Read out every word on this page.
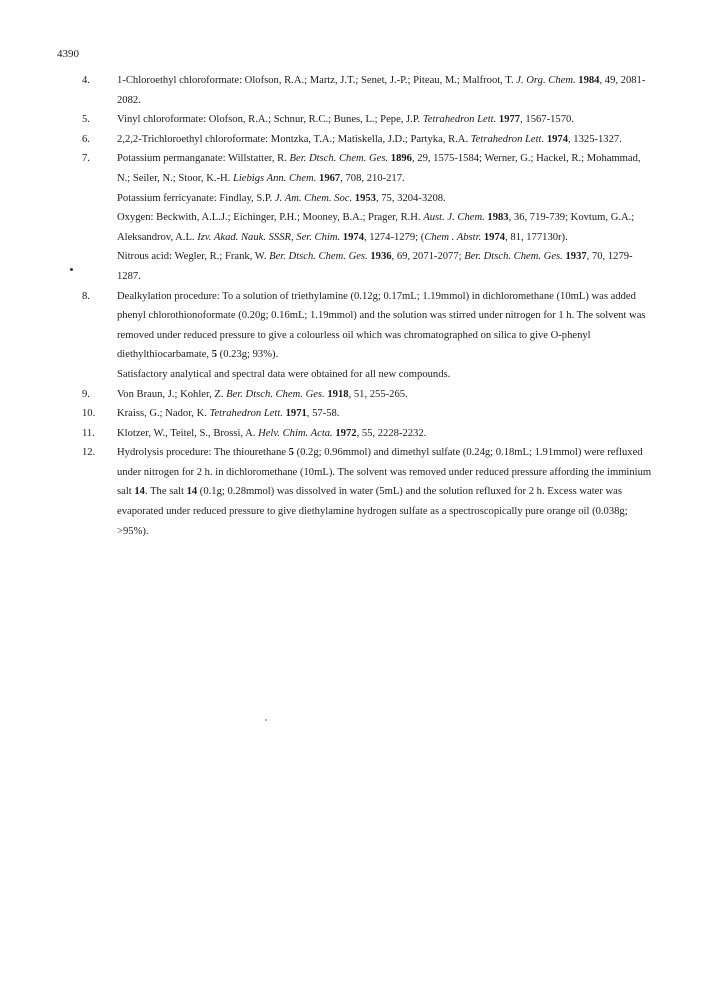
4390
4.	1-Chloroethyl chloroformate: Olofson, R.A.; Martz, J.T.; Senet, J.-P.; Piteau, M.; Malfroot, T. J. Org. Chem. 1984, 49, 2081-2082.

5.	Vinyl chloroformate: Olofson, R.A.; Schnur, R.C.; Bunes, L.; Pepe, J.P. Tetrahedron Lett. 1977, 1567-1570.

6.	2,2,2-Trichloroethyl chloroformate: Montzka, T.A.; Matiskella, J.D.; Partyka, R.A. Tetrahedron Lett. 1974, 1325-1327.

7.	Potassium permanganate: Willstatter, R. Ber. Dtsch. Chem. Ges. 1896, 29, 1575-1584; Werner, G.; Hackel, R.; Mohammad, N.; Seiler, N.; Stoor, K.-H. Liebigs Ann. Chem. 1967, 708, 210-217.

Potassium ferricyanate: Findlay, S.P. J. Am. Chem. Soc. 1953, 75, 3204-3208.

Oxygen: Beckwith, A.L.J.; Eichinger, P.H.; Mooney, B.A.; Prager, R.H. Aust. J. Chem. 1983, 36, 719-739; Kovtum, G.A.; Aleksandrov, A.L. Izv. Akad. Nauk. SSSR, Ser. Chim. 1974, 1274-1279; (Chem . Abstr. 1974, 81, 177130r).

Nitrous acid: Wegler, R.; Frank, W. Ber. Dtsch. Chem. Ges. 1936, 69, 2071-2077; Ber. Dtsch. Chem. Ges. 1937, 70, 1279-1287.

8.	Dealkylation procedure: To a solution of triethylamine (0.12g; 0.17mL; 1.19mmol) in dichloromethane (10mL) was added phenyl chlorothionoformate (0.20g; 0.16mL; 1.19mmol) and the solution was stirred under nitrogen for 1 h. The solvent was removed under reduced pressure to give a colourless oil which was chromatographed on silica to give O-phenyl diethylthiocarbamate, 5 (0.23g; 93%).

Satisfactory analytical and spectral data were obtained for all new compounds.

9.	Von Braun, J.; Kohler, Z. Ber. Dtsch. Chem. Ges. 1918, 51, 255-265.

10.	Kraiss, G.; Nador, K. Tetrahedron Lett. 1971, 57-58.

11.	Klotzer, W., Teitel, S., Brossi, A. Helv. Chim. Acta. 1972, 55, 2228-2232.

12.	Hydrolysis procedure: The thiourethane 5 (0.2g; 0.96mmol) and dimethyl sulfate (0.24g; 0.18mL; 1.91mmol) were refluxed under nitrogen for 2 h. in dichloromethane (10mL). The solvent was removed under reduced pressure affording the imminium salt 14. The salt 14 (0.1g; 0.28mmol) was dissolved in water (5mL) and the solution refluxed for 2 h. Excess water was evaporated under reduced pressure to give diethylamine hydrogen sulfate as a spectroscopically pure orange oil (0.038g; >95%).
